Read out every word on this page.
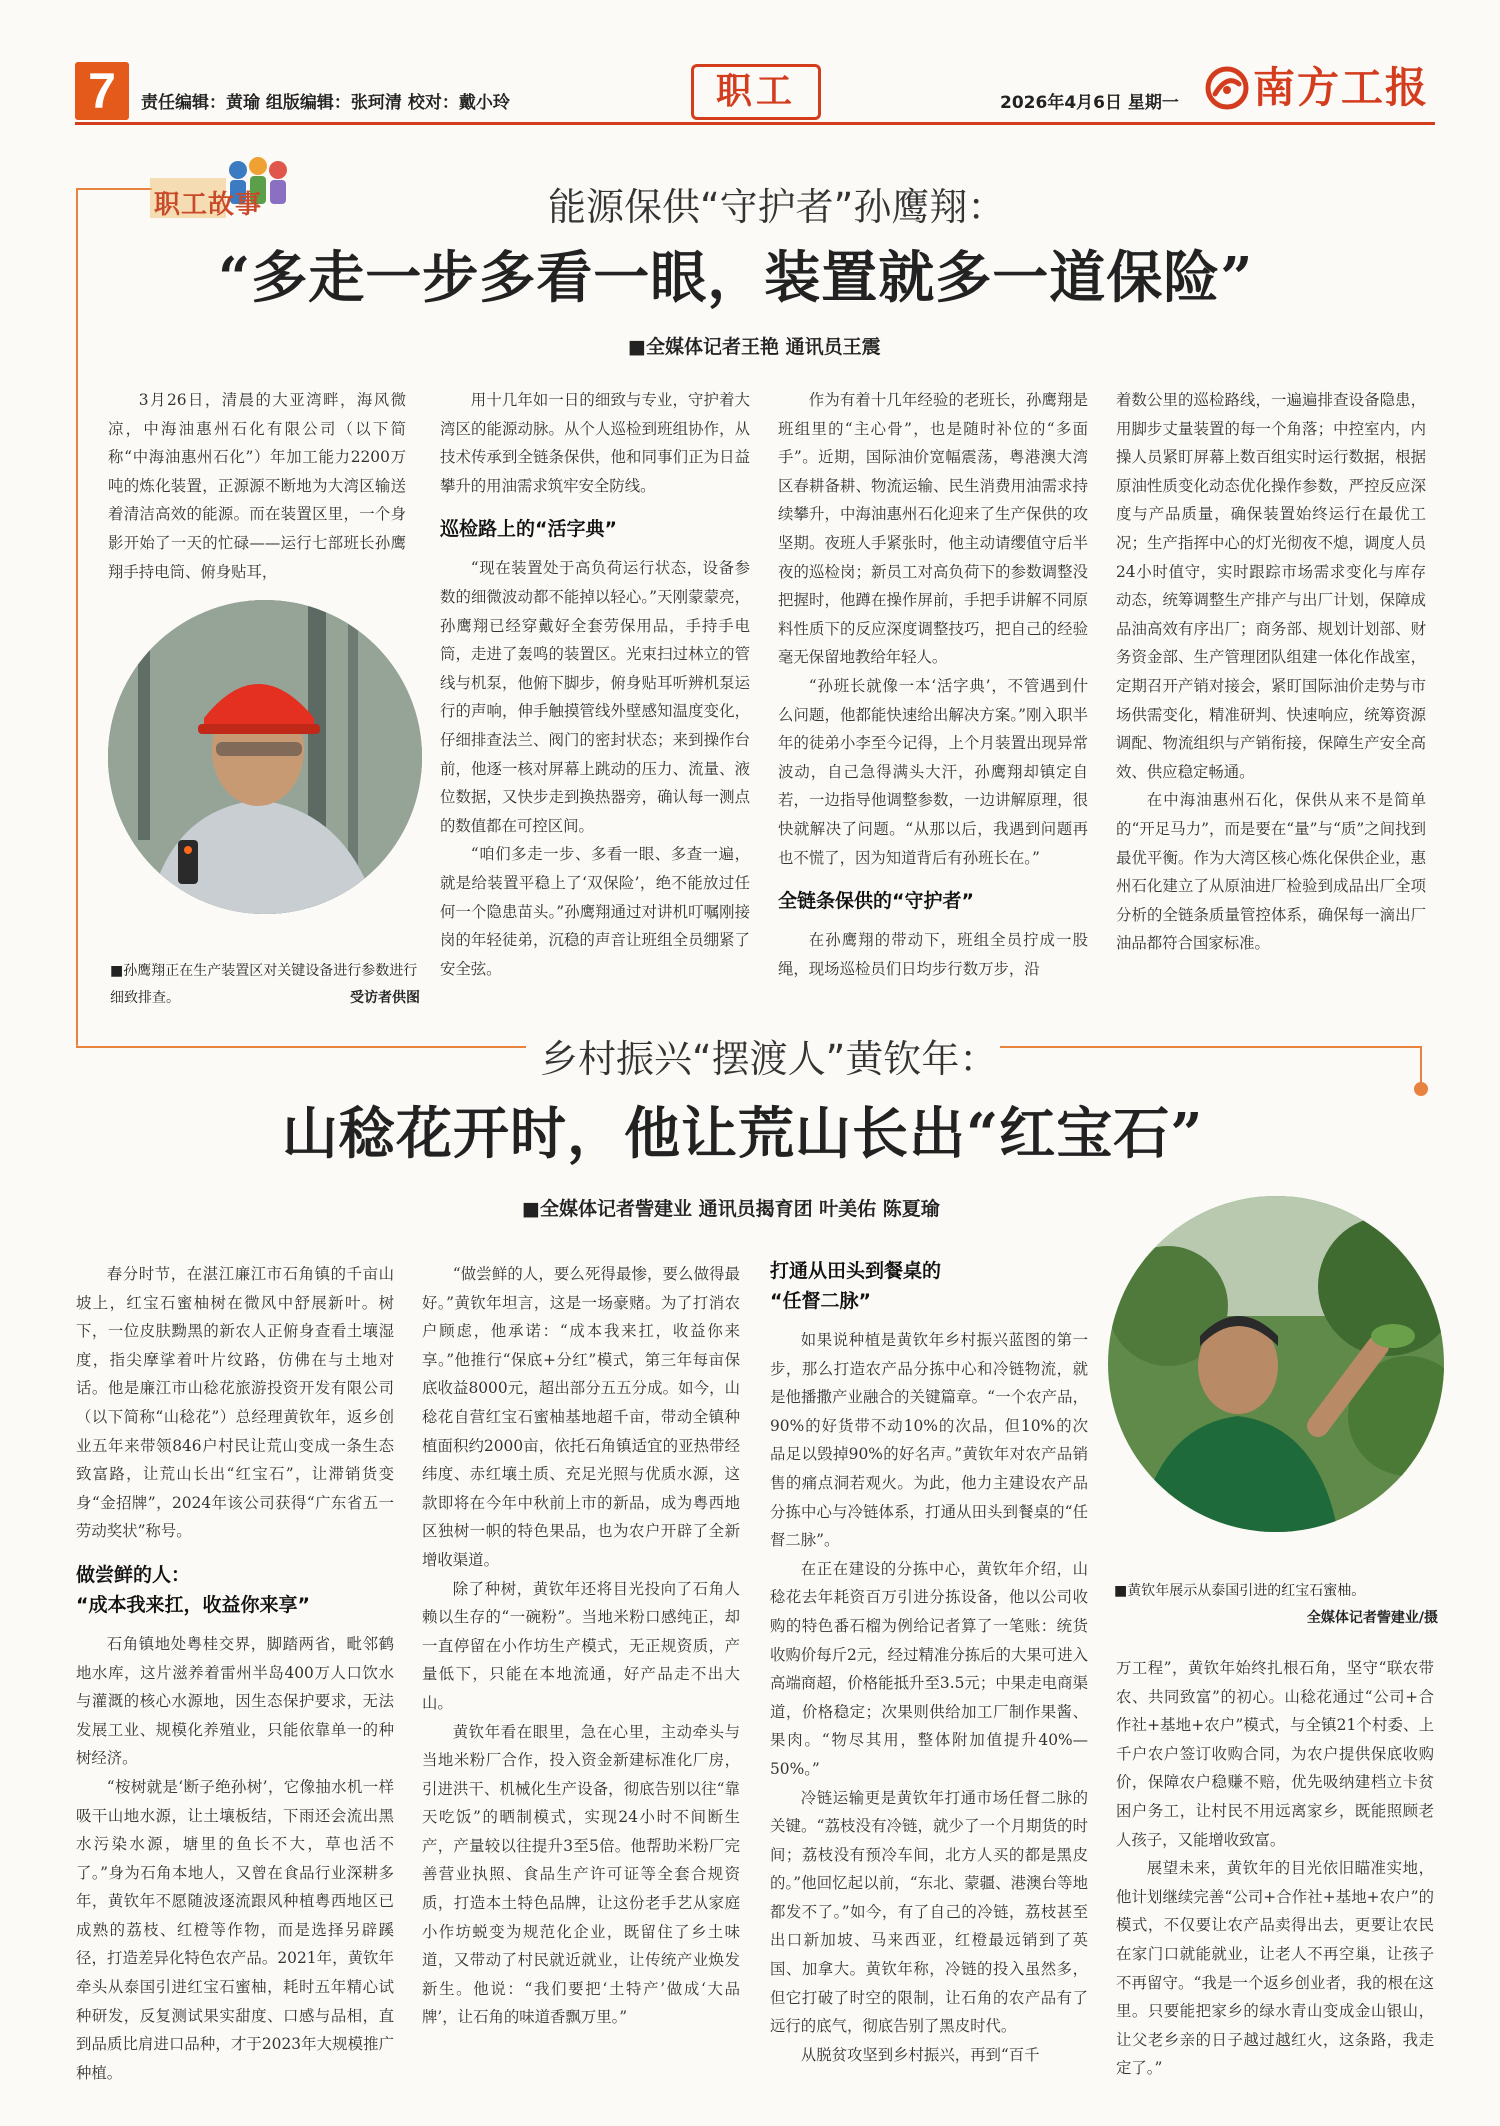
7	责任编辑：黄瑜 组版编辑：张珂清 校对：戴小玲	职工	2026年4月6日 星期一 南方工报
职工故事	能源保供“守护者”孙鹰翔：
“多走一步多看一眼，装置就多一道保险”
■全媒体记者王艳 通讯员王震

3月26日，清晨的大亚湾畔，海风微凉，中海油惠州石化有限公司（以下简称“中海油惠州石化”）年加工能力2200万吨的炼化装置，正源源不断地为大湾区输送着清洁高效的能源。而在装置区里，一个身影开始了一天的忙碌——运行七部班长孙鹰翔手持电筒、俯身贴耳，

■孙鹰翔正在生产装置区对关键设备进行参数进行细致排查。	受访者供图

用十几年如一日的细致与专业，守护着大湾区的能源动脉。从个人巡检到班组协作，从技术传承到全链条保供，他和同事们正为日益攀升的用油需求筑牢安全防线。

巡检路上的“活字典”

“现在装置处于高负荷运行状态，设备参数的细微波动都不能掉以轻心。”天刚蒙蒙亮，孙鹰翔已经穿戴好全套劳保用品，手持手电筒，走进了轰鸣的装置区。光束扫过林立的管线与机泵，他俯下脚步，俯身贴耳听辨机泵运行的声响，伸手触摸管线外壁感知温度变化，仔细排查法兰、阀门的密封状态；来到操作台前，他逐一核对屏幕上跳动的压力、流量、液位数据，又快步走到换热器旁，确认每一测点的数值都在可控区间。

“咱们多走一步、多看一眼、多查一遍，就是给装置平稳上了‘双保险’，绝不能放过任何一个隐患苗头。”孙鹰翔通过对讲机叮嘱刚接岗的年轻徒弟，沉稳的声音让班组全员绷紧了安全弦。

作为有着十几年经验的老班长，孙鹰翔是班组里的“主心骨”，也是随时补位的“多面手”。近期，国际油价宽幅震荡，粤港澳大湾区春耕备耕、物流运输、民生消费用油需求持续攀升，中海油惠州石化迎来了生产保供的攻坚期。夜班人手紧张时，他主动请缨值守后半夜的巡检岗；新员工对高负荷下的参数调整没把握时，他蹲在操作屏前，手把手讲解不同原料性质下的反应深度调整技巧，把自己的经验毫无保留地教给年轻人。

“孙班长就像一本‘活字典’，不管遇到什么问题，他都能快速给出解决方案。”刚入职半年的徒弟小李至今记得，上个月装置出现异常波动，自己急得满头大汗，孙鹰翔却镇定自若，一边指导他调整参数，一边讲解原理，很快就解决了问题。“从那以后，我遇到问题再也不慌了，因为知道背后有孙班长在。”

全链条保供的“守护者”

在孙鹰翔的带动下，班组全员拧成一股绳，现场巡检员们日均步行数万步，沿

着数公里的巡检路线，一遍遍排查设备隐患，用脚步丈量装置的每一个角落；中控室内，内操人员紧盯屏幕上数百组实时运行数据，根据原油性质变化动态优化操作参数，严控反应深度与产品质量，确保装置始终运行在最优工况；生产指挥中心的灯光彻夜不熄，调度人员24小时值守，实时跟踪市场需求变化与库存动态，统筹调整生产排产与出厂计划，保障成品油高效有序出厂；商务部、规划计划部、财务资金部、生产管理团队组建一体化作战室，定期召开产销对接会，紧盯国际油价走势与市场供需变化，精准研判、快速响应，统筹资源调配、物流组织与产销衔接，保障生产安全高效、供应稳定畅通。

在中海油惠州石化，保供从来不是简单的“开足马力”，而是要在“量”与“质”之间找到最优平衡。作为大湾区核心炼化保供企业，惠州石化建立了从原油进厂检验到成品出厂全项分析的全链条质量管控体系，确保每一滴出厂油品都符合国家标准。

乡村振兴“摆渡人”黄钦年：
山稔花开时，他让荒山长出“红宝石”
■全媒体记者訾建业 通讯员揭育团 叶美佑 陈夏瑜

春分时节，在湛江廉江市石角镇的千亩山坡上，红宝石蜜柚树在微风中舒展新叶。树下，一位皮肤黝黑的新农人正俯身查看土壤湿度，指尖摩挲着叶片纹路，仿佛在与土地对话。他是廉江市山稔花旅游投资开发有限公司（以下简称“山稔花”）总经理黄钦年，返乡创业五年来带领846户村民让荒山变成一条生态致富路，让荒山长出“红宝石”，让滞销货变身“金招牌”，2024年该公司获得“广东省五一劳动奖状”称号。

做尝鲜的人：
“成本我来扛，收益你来享”

石角镇地处粤桂交界，脚踏两省，毗邻鹤地水库，这片滋养着雷州半岛400万人口饮水与灌溉的核心水源地，因生态保护要求，无法发展工业、规模化养殖业，只能依靠单一的种树经济。

“桉树就是‘断子绝孙树’，它像抽水机一样吸干山地水源，让土壤板结，下雨还会流出黑水污染水源，塘里的鱼长不大，草也活不了。”身为石角本地人，又曾在食品行业深耕多年，黄钦年不愿随波逐流跟风种植粤西地区已成熟的荔枝、红橙等作物，而是选择另辟蹊径，打造差异化特色农产品。2021年，黄钦年牵头从泰国引进红宝石蜜柚，耗时五年精心试种研发，反复测试果实甜度、口感与品相，直到品质比肩进口品种，才于2023年大规模推广种植。

“做尝鲜的人，要么死得最惨，要么做得最好。”黄钦年坦言，这是一场豪赌。为了打消农户顾虑，他承诺：“成本我来扛，收益你来享。”他推行“保底+分红”模式，第三年每亩保底收益8000元，超出部分五五分成。如今，山稔花自营红宝石蜜柚基地超千亩，带动全镇种植面积约2000亩，依托石角镇适宜的亚热带经纬度、赤红壤土质、充足光照与优质水源，这款即将在今年中秋前上市的新品，成为粤西地区独树一帜的特色果品，也为农户开辟了全新增收渠道。

除了种树，黄钦年还将目光投向了石角人赖以生存的“一碗粉”。当地米粉口感纯正，却一直停留在小作坊生产模式，无正规资质，产量低下，只能在本地流通，好产品走不出大山。

黄钦年看在眼里，急在心里，主动牵头与当地米粉厂合作，投入资金新建标准化厂房，引进洪干、机械化生产设备，彻底告别以往“靠天吃饭”的晒制模式，实现24小时不间断生产，产量较以往提升3至5倍。他帮助米粉厂完善营业执照、食品生产许可证等全套合规资质，打造本土特色品牌，让这份老手艺从家庭小作坊蜕变为规范化企业，既留住了乡土味道，又带动了村民就近就业，让传统产业焕发新生。他说：“我们要把‘土特产’做成‘大品牌’，让石角的味道香飘万里。”

打通从田头到餐桌的
“任督二脉”

如果说种植是黄钦年乡村振兴蓝图的第一步，那么打造农产品分拣中心和冷链物流，就是他播撒产业融合的关键篇章。“一个农产品，90%的好货带不动10%的次品，但10%的次品足以毁掉90%的好名声。”黄钦年对农产品销售的痛点洞若观火。为此，他力主建设农产品分拣中心与冷链体系，打通从田头到餐桌的“任督二脉”。

在正在建设的分拣中心，黄钦年介绍，山稔花去年耗资百万引进分拣设备，他以公司收购的特色番石榴为例给记者算了一笔账：统货收购价每斤2元，经过精准分拣后的大果可进入高端商超，价格能抵升至3.5元；中果走电商渠道，价格稳定；次果则供给加工厂制作果酱、果肉。“物尽其用，整体附加值提升40%—50%。”

冷链运输更是黄钦年打通市场任督二脉的关键。“荔枝没有冷链，就少了一个月期货的时间；荔枝没有预冷车间，北方人买的都是黑皮的。”他回忆起以前，“东北、蒙疆、港澳台等地都发不了。”如今，有了自己的冷链，荔枝甚至出口新加坡、马来西亚，红橙最远销到了英国、加拿大。黄钦年称，冷链的投入虽然多，但它打破了时空的限制，让石角的农产品有了远行的底气，彻底告别了黑皮时代。

从脱贫攻坚到乡村振兴，再到“百千

■黄钦年展示从泰国引进的红宝石蜜柚。
全媒体记者訾建业/摄

万工程”，黄钦年始终扎根石角，坚守“联农带农、共同致富”的初心。山稔花通过“公司+合作社+基地+农户”模式，与全镇21个村委、上千户农户签订收购合同，为农户提供保底收购价，保障农户稳赚不赔，优先吸纳建档立卡贫困户务工，让村民不用远离家乡，既能照顾老人孩子，又能增收致富。

展望未来，黄钦年的目光依旧瞄准实地，他计划继续完善“公司+合作社+基地+农户”的模式，不仅要让农产品卖得出去，更要让农民在家门口就能就业，让老人不再空巢，让孩子不再留守。“我是一个返乡创业者，我的根在这里。只要能把家乡的绿水青山变成金山银山，让父老乡亲的日子越过越红火，这条路，我走定了。”
